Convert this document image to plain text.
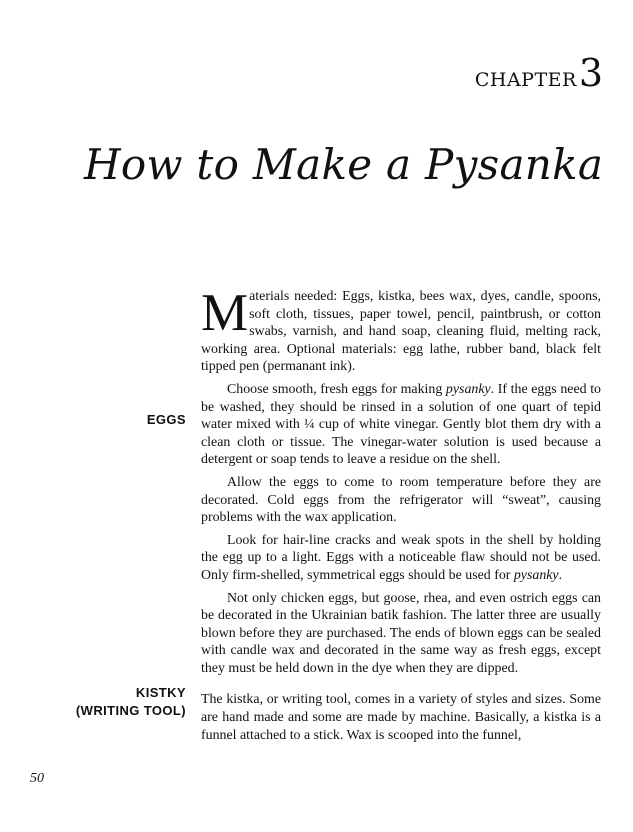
CHAPTER 3
How to Make a Pysanka
EGGS
KISTKY
(WRITING TOOL)

Materials needed: Eggs, kistka, bees wax, dyes, candle, spoons, soft cloth, tissues, paper towel, pencil, paintbrush, or cotton swabs, varnish, and hand soap, cleaning fluid, melting rack, working area. Optional materials: egg lathe, rubber band, black felt tipped pen (permanant ink).

Choose smooth, fresh eggs for making pysanky. If the eggs need to be washed, they should be rinsed in a solution of one quart of tepid water mixed with ¼ cup of white vinegar. Gently blot them dry with a clean cloth or tissue. The vinegar-water solution is used because a detergent or soap tends to leave a residue on the shell.

Allow the eggs to come to room temperature before they are decorated. Cold eggs from the refrigerator will “sweat”, causing problems with the wax application.

Look for hair-line cracks and weak spots in the shell by holding the egg up to a light. Eggs with a noticeable flaw should not be used. Only firm-shelled, symmetrical eggs should be used for pysanky.

Not only chicken eggs, but goose, rhea, and even ostrich eggs can be decorated in the Ukrainian batik fashion. The latter three are usually blown before they are purchased. The ends of blown eggs can be sealed with candle wax and decorated in the same way as fresh eggs, except they must be held down in the dye when they are dipped.

The kistka, or writing tool, comes in a variety of styles and sizes. Some are hand made and some are made by machine. Basically, a kistka is a funnel attached to a stick. Wax is scooped into the funnel,

50
